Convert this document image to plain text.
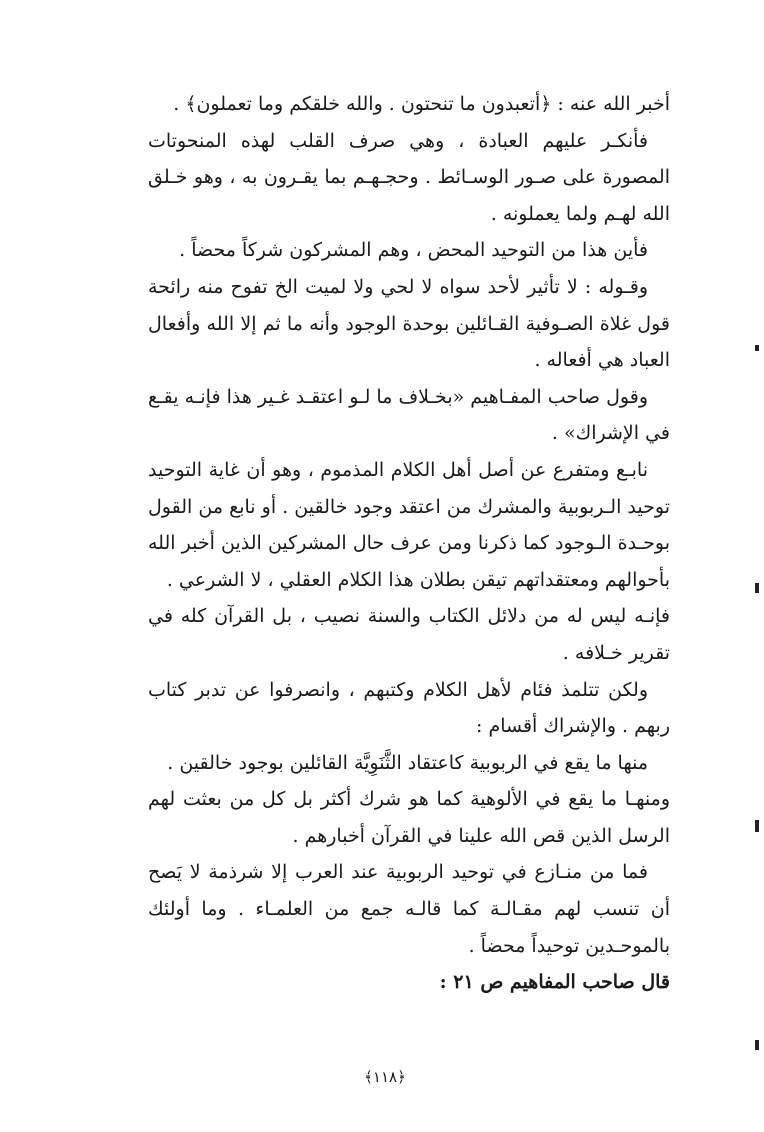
أخبر الله عنه : ﴿أتعبدون ما تنحتون . والله خلقكم وما تعملون﴾ .

فأنكـر عليهم العبادة ، وهي صرف القلب لهذه المنحوتات المصورة على صـور الوسـائط . وحجـهـم بما يقـرون به ، وهو خـلق الله لهـم ولما يعملونه .

فأين هذا من التوحيد المحض ، وهم المشركون شركاً محضاً .

وقـوله : لا تأثير لأحد سواه لا لحي ولا لميت الخ تفوح منه رائحة قول غلاة الصـوفية القـائلين بوحدة الوجود وأنه ما ثم إلا الله وأفعال العباد هي أفعاله .

وقول صاحب المفـاهيم «بخـلاف ما لـو اعتقـد غـير هذا فإنـه يقـع في الإشراك» .

نابـع ومتفرع عن أصل أهل الكلام المذموم ، وهو أن غاية التوحيد توحيد الـربوبية والمشرك من اعتقد وجود خالقين . أو نابع من القول بوحـدة الـوجود كما ذكرنا ومن عرف حال المشركين الذين أخبر الله بأحوالهم ومعتقداتهم تيقن بطلان هذا الكلام العقلي ، لا الشرعي .

فإنـه ليس له من دلائل الكتاب والسنة نصيب ، بل القرآن كله في تقرير خـلافه .

ولكن تتلمذ فئام لأهل الكلام وكتبهم ، وانصرفوا عن تدبر كتاب ربهم . والإشراك أقسام :

منها ما يقع في الربوبية كاعتقاد الثَّنَوِيَّة القائلين بوجود خالقين .

ومنهـا ما يقع في الألوهية كما هو شرك أكثر بل كل من بعثت لهم الرسل الذين قص الله علينا في القرآن أخبارهم .

فما من منـازع في توحيد الربوبية عند العرب إلا شرذمة لا يَصح أن تنسب لهم مقـالـة كما قالـه جمع من العلمـاء . وما أولئك بالموحـدين توحيداً محضاً .

قال صاحب المفاهيم ص ٢١ :

﴿١١٨﴾
